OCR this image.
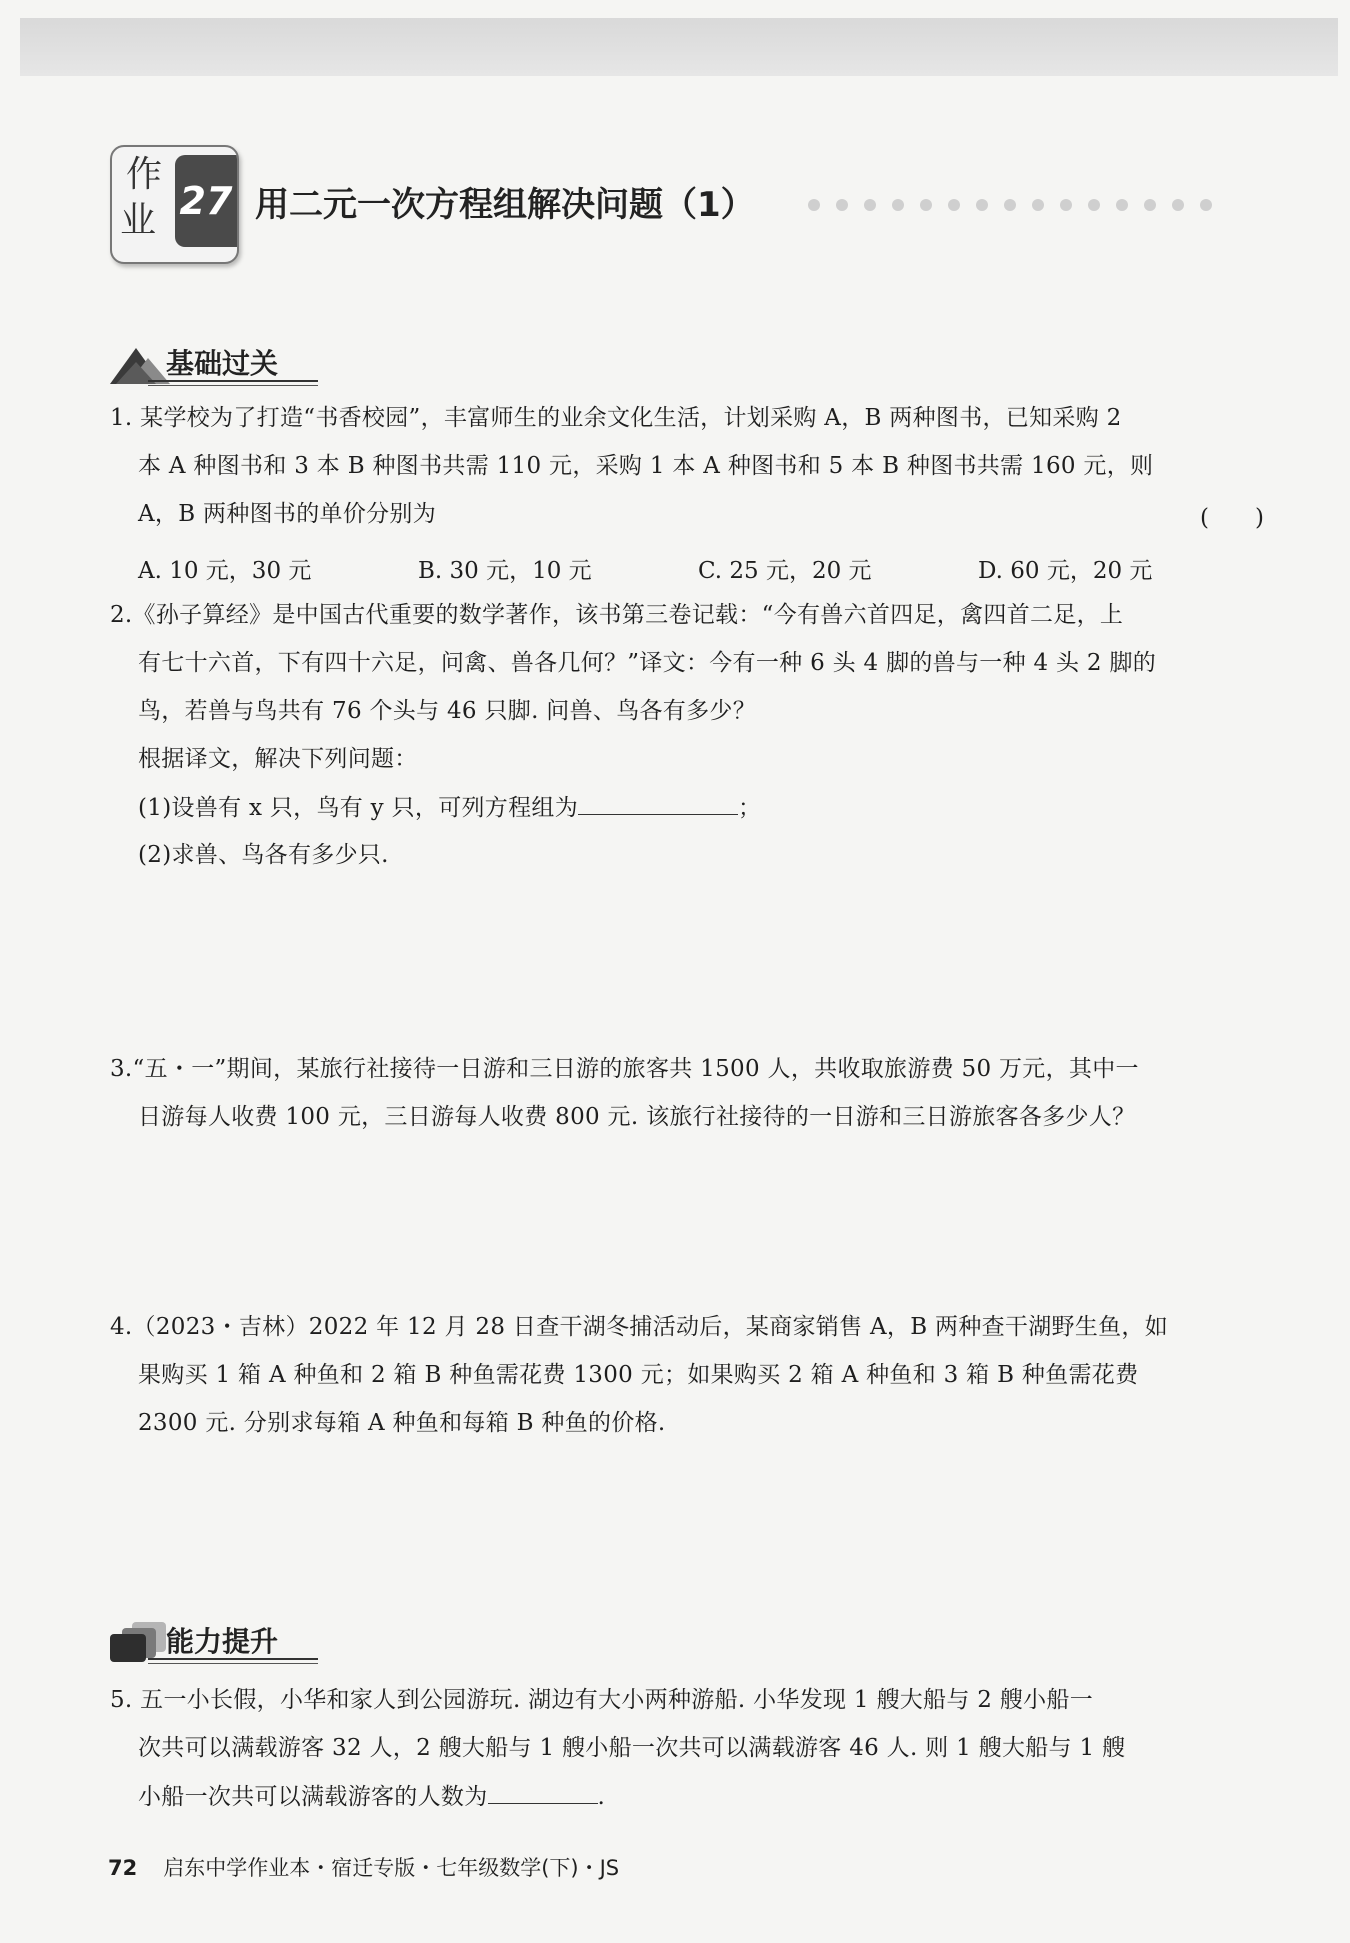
作
业 27 用二元一次方程组解决问题（1）
基础过关
1. 某学校为了打造“书香校园”，丰富师生的业余文化生活，计划采购 A，B 两种图书，已知采购 2
本 A 种图书和 3 本 B 种图书共需 110 元，采购 1 本 A 种图书和 5 本 B 种图书共需 160 元，则
A，B 两种图书的单价分别为	(　　)
A. 10 元，30 元	B. 30 元，10 元	C. 25 元，20 元	D. 60 元，20 元
2.《孙子算经》是中国古代重要的数学著作，该书第三卷记载：“今有兽六首四足，禽四首二足，上
有七十六首，下有四十六足，问禽、兽各几何？”译文：今有一种 6 头 4 脚的兽与一种 4 头 2 脚的
鸟，若兽与鸟共有 76 个头与 46 只脚. 问兽、鸟各有多少？
根据译文，解决下列问题：
(1)设兽有 x 只，鸟有 y 只，可列方程组为	；
(2)求兽、鸟各有多少只.
3.“五・一”期间，某旅行社接待一日游和三日游的旅客共 1500 人，共收取旅游费 50 万元，其中一
日游每人收费 100 元，三日游每人收费 800 元. 该旅行社接待的一日游和三日游旅客各多少人？
4.（2023・吉林）2022 年 12 月 28 日查干湖冬捕活动后，某商家销售 A，B 两种查干湖野生鱼，如
果购买 1 箱 A 种鱼和 2 箱 B 种鱼需花费 1300 元；如果购买 2 箱 A 种鱼和 3 箱 B 种鱼需花费
2300 元. 分别求每箱 A 种鱼和每箱 B 种鱼的价格.
能力提升
5. 五一小长假，小华和家人到公园游玩. 湖边有大小两种游船. 小华发现 1 艘大船与 2 艘小船一
次共可以满载游客 32 人，2 艘大船与 1 艘小船一次共可以满载游客 46 人. 则 1 艘大船与 1 艘
小船一次共可以满载游客的人数为	.
72 启东中学作业本・宿迁专版・七年级数学(下)・JS
